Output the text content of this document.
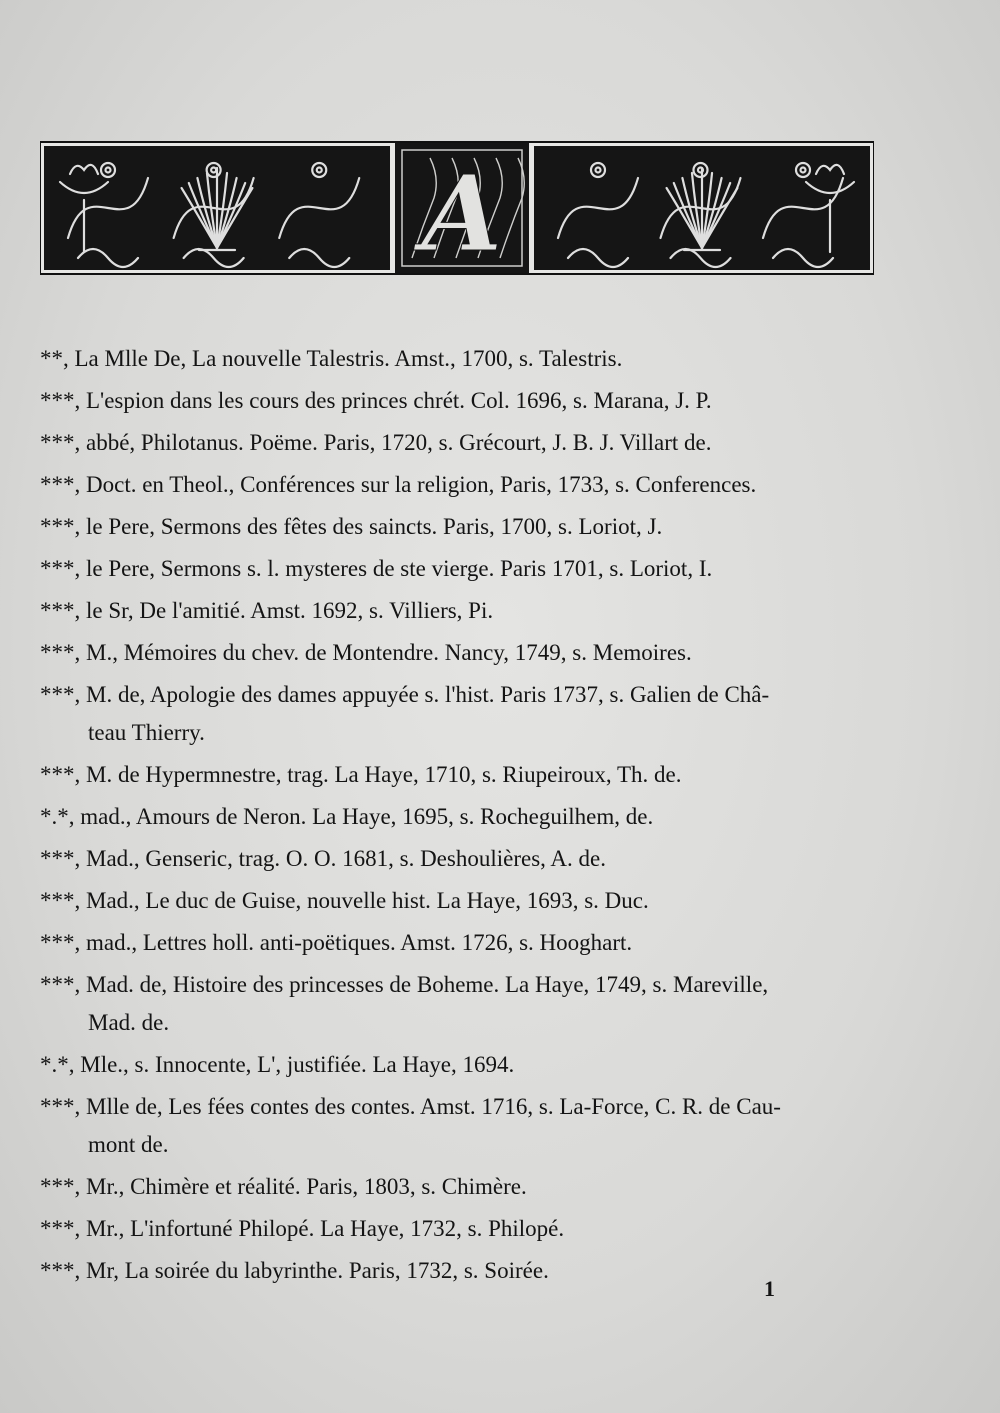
A
**, La Mlle De, La nouvelle Talestris. Amst., 1700, s. Talestris.
***, L'espion dans les cours des princes chrét. Col. 1696, s. Marana, J. P.
***, abbé, Philotanus. Poëme. Paris, 1720, s. Grécourt, J. B. J. Villart de.
***, Doct. en Theol., Conférences sur la religion, Paris, 1733, s. Conferences.
***, le Pere, Sermons des fêtes des saincts. Paris, 1700, s. Loriot, J.
***, le Pere, Sermons s. l. mysteres de ste vierge. Paris 1701, s. Loriot, I.
***, le Sr, De l'amitié. Amst. 1692, s. Villiers, Pi.
***, M., Mémoires du chev. de Montendre. Nancy, 1749, s. Memoires.
***, M. de, Apologie des dames appuyée s. l'hist. Paris 1737, s. Galien de Châ-
teau Thierry.
***, M. de Hypermnestre, trag. La Haye, 1710, s. Riupeiroux, Th. de.
*.*, mad., Amours de Neron. La Haye, 1695, s. Rocheguilhem, de.
***, Mad., Genseric, trag. O. O. 1681, s. Deshoulières, A. de.
***, Mad., Le duc de Guise, nouvelle hist. La Haye, 1693, s. Duc.
***, mad., Lettres holl. anti-poëtiques. Amst. 1726, s. Hooghart.
***, Mad. de, Histoire des princesses de Boheme. La Haye, 1749, s. Mareville,
Mad. de.
*.*, Mle., s. Innocente, L', justifiée. La Haye, 1694.
***, Mlle de, Les fées contes des contes. Amst. 1716, s. La-Force, C. R. de Cau-
mont de.
***, Mr., Chimère et réalité. Paris, 1803, s. Chimère.
***, Mr., L'infortuné Philopé. La Haye, 1732, s. Philopé.
***, Mr, La soirée du labyrinthe. Paris, 1732, s. Soirée.
1
